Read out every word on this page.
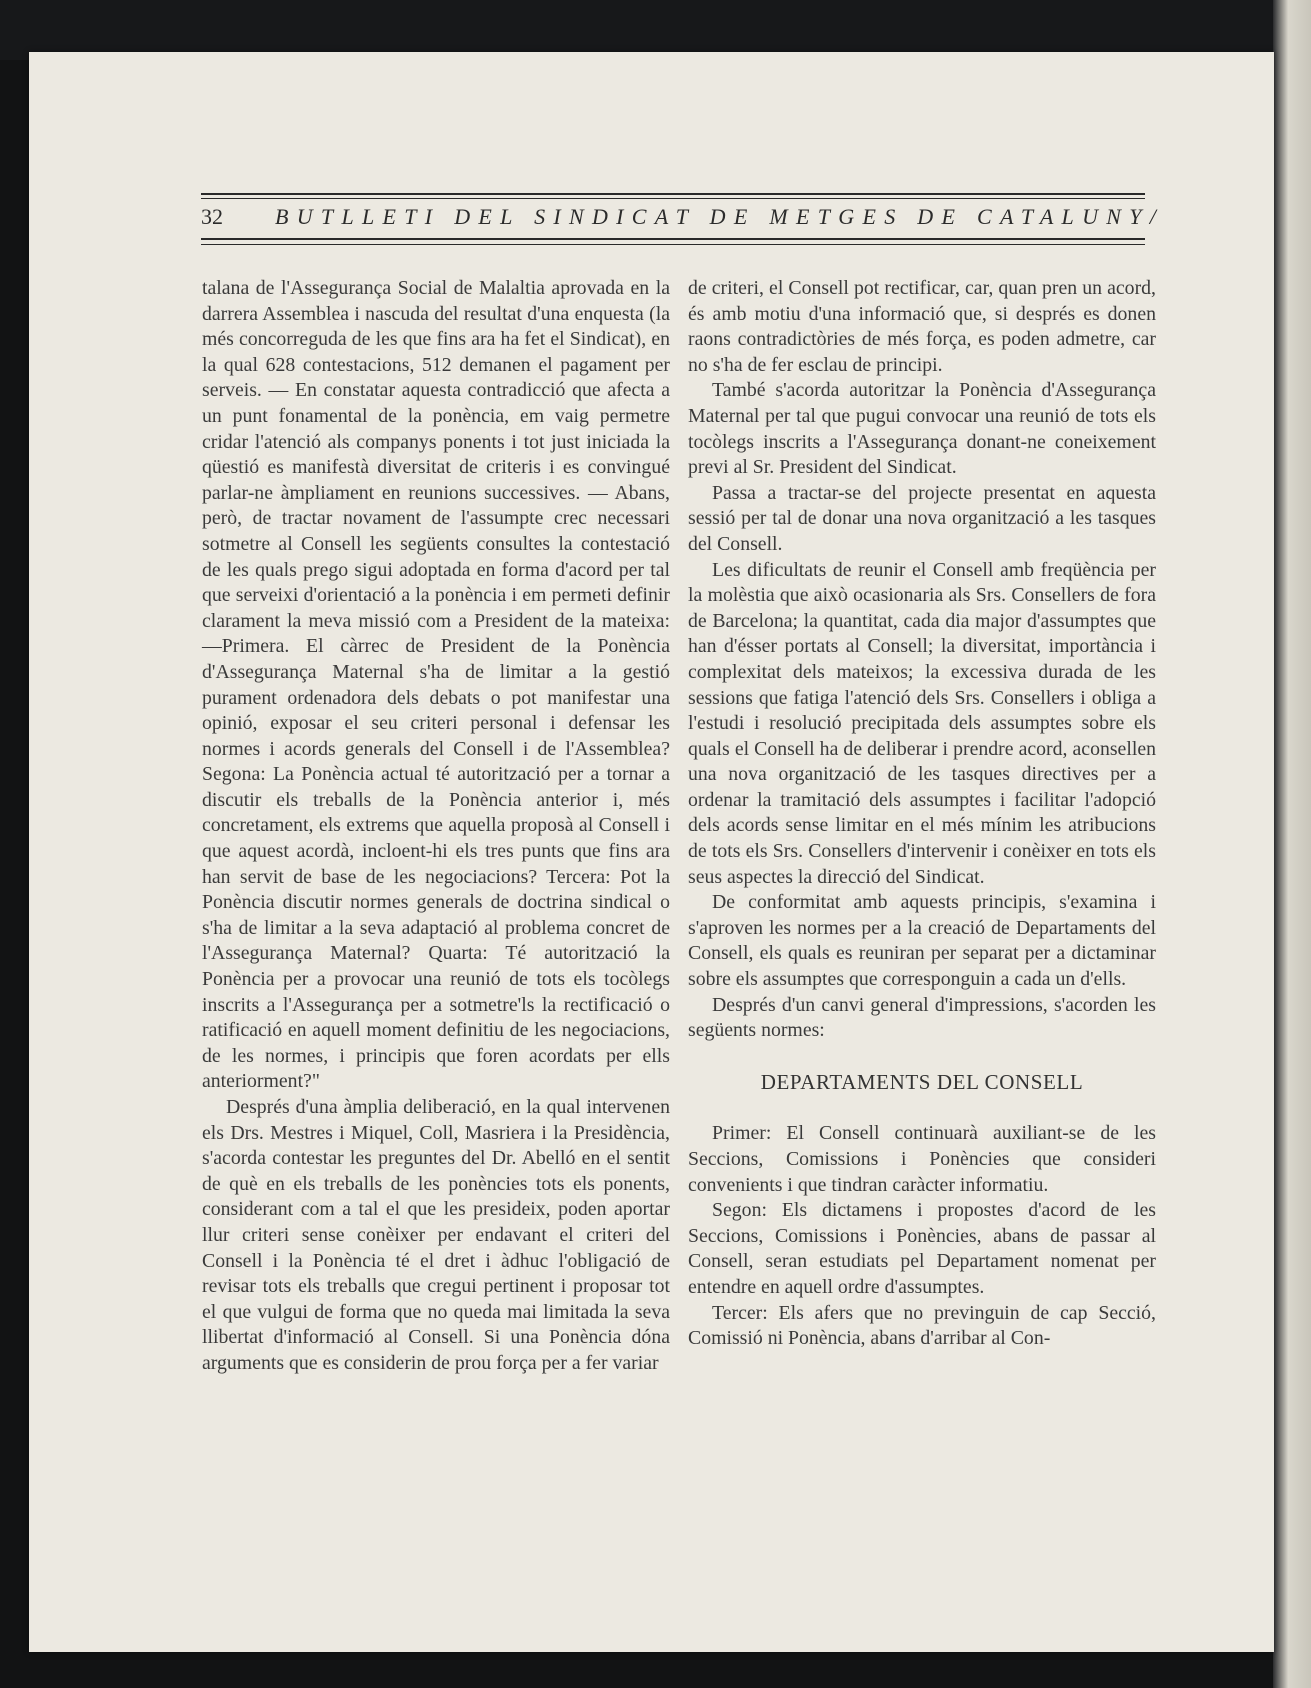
32 BUTLLETI DEL SINDICAT DE METGES DE CATALUNY/

talana de l'Assegurança Social de Malaltia aprovada en la darrera Assemblea i nascuda del resultat d'una enquesta (la més concorreguda de les que fins ara ha fet el Sindicat), en la qual 628 contestacions, 512 demanen el pagament per serveis. — En constatar aquesta contradicció que afecta a un punt fonamental de la ponència, em vaig permetre cridar l'atenció als companys ponents i tot just iniciada la qüestió es manifestà diversitat de criteris i es convingué parlar-ne àmpliament en reunions successives. — Abans, però, de tractar novament de l'assumpte crec necessari sotmetre al Consell les següents consultes la contestació de les quals prego sigui adoptada en forma d'acord per tal que serveixi d'orientació a la ponència i em permeti definir clarament la meva missió com a President de la mateixa: —Primera. El càrrec de President de la Ponència d'Assegurança Maternal s'ha de limitar a la gestió purament ordenadora dels debats o pot manifestar una opinió, exposar el seu criteri personal i defensar les normes i acords generals del Consell i de l'Assemblea? Segona: La Ponència actual té autorització per a tornar a discutir els treballs de la Ponència anterior i, més concretament, els extrems que aquella proposà al Consell i que aquest acordà, incloent-hi els tres punts que fins ara han servit de base de les negociacions? Tercera: Pot la Ponència discutir normes generals de doctrina sindical o s'ha de limitar a la seva adaptació al problema concret de l'Assegurança Maternal? Quarta: Té autorització la Ponència per a provocar una reunió de tots els tocòlegs inscrits a l'Assegurança per a sotmetre'ls la rectificació o ratificació en aquell moment definitiu de les negociacions, de les normes, i principis que foren acordats per ells anteriorment?"

Després d'una àmplia deliberació, en la qual intervenen els Drs. Mestres i Miquel, Coll, Masriera i la Presidència, s'acorda contestar les preguntes del Dr. Abelló en el sentit de què en els treballs de les ponències tots els ponents, considerant com a tal el que les presideix, poden aportar llur criteri sense conèixer per endavant el criteri del Consell i la Ponència té el dret i àdhuc l'obligació de revisar tots els treballs que cregui pertinent i proposar tot el que vulgui de forma que no queda mai limitada la seva llibertat d'informació al Consell. Si una Ponència dóna arguments que es considerin de prou força per a fer variar

de criteri, el Consell pot rectificar, car, quan pren un acord, és amb motiu d'una informació que, si després es donen raons contradictòries de més força, es poden admetre, car no s'ha de fer esclau de principi.

També s'acorda autoritzar la Ponència d'Assegurança Maternal per tal que pugui convocar una reunió de tots els tocòlegs inscrits a l'Assegurança donant-ne coneixement previ al Sr. President del Sindicat.

Passa a tractar-se del projecte presentat en aquesta sessió per tal de donar una nova organització a les tasques del Consell.

Les dificultats de reunir el Consell amb freqüència per la molèstia que això ocasionaria als Srs. Consellers de fora de Barcelona; la quantitat, cada dia major d'assumptes que han d'ésser portats al Consell; la diversitat, importància i complexitat dels mateixos; la excessiva durada de les sessions que fatiga l'atenció dels Srs. Consellers i obliga a l'estudi i resolució precipitada dels assumptes sobre els quals el Consell ha de deliberar i prendre acord, aconsellen una nova organització de les tasques directives per a ordenar la tramitació dels assumptes i facilitar l'adopció dels acords sense limitar en el més mínim les atribucions de tots els Srs. Consellers d'intervenir i conèixer en tots els seus aspectes la direcció del Sindicat.

De conformitat amb aquests principis, s'examina i s'aproven les normes per a la creació de Departaments del Consell, els quals es reuniran per separat per a dictaminar sobre els assumptes que corresponguin a cada un d'ells.

Després d'un canvi general d'impressions, s'acorden les següents normes:

DEPARTAMENTS DEL CONSELL

Primer: El Consell continuarà auxiliant-se de les Seccions, Comissions i Ponències que consideri convenients i que tindran caràcter informatiu.

Segon: Els dictamens i propostes d'acord de les Seccions, Comissions i Ponències, abans de passar al Consell, seran estudiats pel Departament nomenat per entendre en aquell ordre d'assumptes.

Tercer: Els afers que no previnguin de cap Secció, Comissió ni Ponència, abans d'arribar al Con-
